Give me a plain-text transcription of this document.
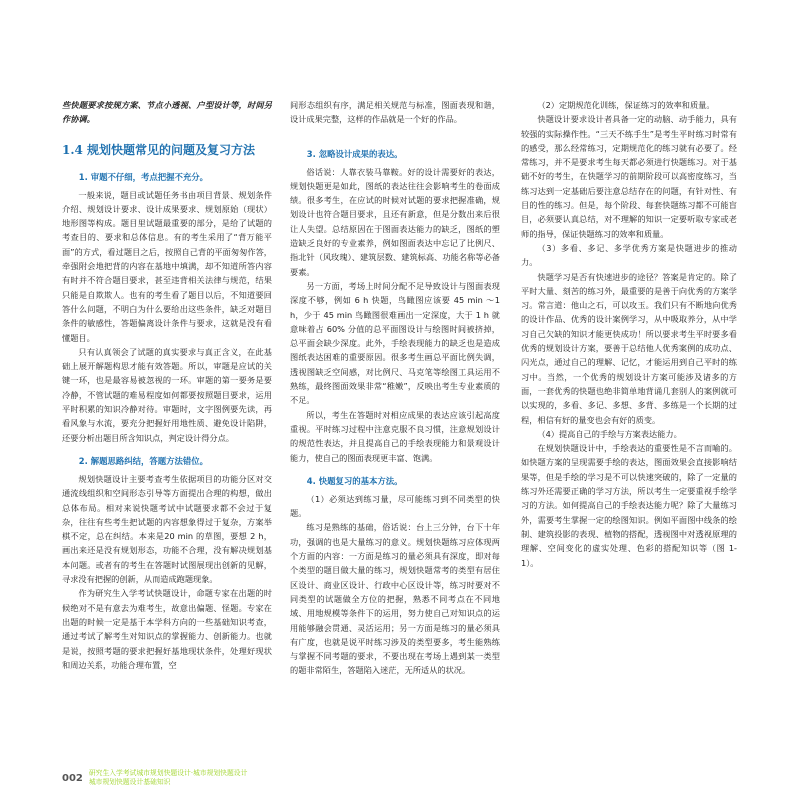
些快题要求按规方案、节点小透视、户型设计等，时间另作协调。

1.4 规划快题常见的问题及复习方法
1. 审题不仔细，考点把握不充分。

一般来说，题目或试题任务书由项目背景、规划条件介绍、规划设计要求、设计成果要求、规划原始（现状）地形图等构成。题目里试题最重要的部分，是给了试题的考查目的、要求和总体信息。有的考生采用了“背万能平面”的方式，看过题目之后，按照自己背的平面匆匆作答，牵强附会地把背的内容在基地中填满，却不知道所答内容有时并不符合题目要求，甚至违背相关法律与规范，结果只能是自欺欺人。也有的考生看了题目以后，不知道要回答什么问题，不明白为什么要给出这些条件，缺乏对题目条件的敏感性，答题偏离设计条件与要求，这就是没有看懂题目。

只有认真领会了试题的真实要求与真正含义，在此基础上展开解题构思才能有效答题。所以，审题是应试的关键一环，也是最容易被忽视的一环。审题的第一要务是要冷静，不管试题的难易程度如何都要按照题目要求，运用平时积累的知识冷静对待。审题时，文字图例要先读，再看风象与水流，要充分把握好用地性质、避免设计陷阱，还要分析出题目所含知识点，判定设计得分点。

2. 解题思路纠结，答题方法错位。

规划快题设计主要考查考生依据项目的功能分区对交通流线组织和空间形态引导等方面提出合理的构想，做出总体布局。相对来说快题考试中试题要求都不会过于复杂，往往有些考生把试题的内容想象得过于复杂，方案举棋不定，总在纠结。本来是20 min 的草图，要想 2 h，画出来还是没有规划形态，功能不合理，没有解决规划基本问题。或者有的考生在答题时试图展现出创新的见解，寻求没有把握的创新，从而造成跑题现象。

作为研究生入学考试快题设计，命题专家在出题的时候绝对不是有意去为难考生，故意出偏题、怪题。专家在出题的时候一定是基于本学科方向的一些基础知识考查，通过考试了解考生对知识点的掌握能力、创新能力。也就是说，按照考题的要求把握好基地现状条件，处理好现状和周边关系，功能合理布置，空

间形态组织有序，满足相关规范与标准，图面表现和谐，设计成果完整，这样的作品就是一个好的作品。

3. 忽略设计成果的表达。

俗话说：人靠衣装马靠鞍。好的设计需要好的表达，规划快题更是如此，图纸的表达往往会影响考生的卷面成绩。很多考生，在应试的时候对试题的要求把握准确，规划设计也符合题目要求，且还有新意，但是分数出来后很让人失望。总结原因在于图面表达能力的缺乏，图纸的塑造缺乏良好的专业素养，例如图面表达中忘记了比例尺、指北针（风玫瑰）、建筑层数、建筑标高、功能名称等必备要素。

另一方面，考场上时间分配不足导致设计与图面表现深度不够，例如 6 h 快题，鸟瞰图应该要 45 min ～1 h，少于 45 min 鸟瞰图很难画出一定深度，大于 1 h 就意味着占 60% 分值的总平面图设计与绘图时间被挤掉，总平面会缺少深度。此外，手绘表现能力的缺乏也是造成图纸表达困难的重要原因。很多考生画总平面比例失调，透视图缺乏空间感，对比例尺、马克笔等绘图工具运用不熟练，最终图面效果非常“稚嫩”，反映出考生专业素质的不足。

所以，考生在答题时对相应成果的表达应该引起高度重视。平时练习过程中注意克服不良习惯，注意规划设计的规范性表达，并且提高自己的手绘表现能力和景观设计能力，使自己的图面表现更丰富、饱满。

4. 快题复习的基本方法。

（1）必须达到练习量，尽可能练习到不同类型的快题。

练习是熟练的基础，俗话说：台上三分钟，台下十年功，强调的也是大量练习的意义。规划快题练习应体现两个方面的内容：一方面是练习的量必须具有深度，即对每个类型的题目做大量的练习，规划快题常考的类型有居住区设计、商业区设计、行政中心区设计等，练习时要对不同类型的试题做全方位的把握，熟悉不同考点在不同地域、用地规模等条件下的运用，努力使自己对知识点的运用能够融会贯通、灵活运用；另一方面是练习的量必须具有广度，也就是说平时练习涉及的类型要多，考生能熟练与掌握不同考题的要求，不要出现在考场上遇到某一类型的题非常陌生，答题陷入迷茫，无所适从的状况。

（2）定期规范化训练，保证练习的效率和质量。

快题设计要求设计者具备一定的动脑、动手能力，具有较强的实际操作性。“三天不练手生”是考生平时练习时常有的感受，那么经常练习，定期规范化的练习就有必要了。经常练习，并不是要求考生每天都必须进行快题练习。对于基础不好的考生，在快题学习的前期阶段可以高密度练习，当练习达到一定基础后要注意总结存在的问题，有针对性、有目的性的练习。但是，每个阶段、每套快题练习都不可能盲目，必须要认真总结，对不理解的知识一定要听取专家或老师的指导，保证快题练习的效率和质量。

（3）多看、多记、多学优秀方案是快题进步的推动力。

快题学习是否有快速进步的途径？答案是肯定的。除了平时大量、刻苦的练习外，最重要的是善于向优秀的方案学习。常言道：他山之石，可以攻玉。我们只有不断地向优秀的设计作品、优秀的设计案例学习，从中吸取养分，从中学习自己欠缺的知识才能更快成功！所以要求考生平时要多看优秀的规划设计方案，要善于总结他人优秀案例的成功点、闪光点，通过自己的理解、记忆，才能运用到自己平时的练习中。当然，一个优秀的规划设计方案可能涉及诸多的方面，一套优秀的快题也绝非简单地背诵几套别人的案例就可以实现的，多看、多记、多想、多背、多练是一个长期的过程，相信有好的量变也会有好的质变。

（4）提高自己的手绘与方案表达能力。

在规划快题设计中，手绘表达的重要性是不言而喻的。如快题方案的呈现需要手绘的表达，图面效果会直接影响结果等，但是手绘的学习是不可以快速突破的，除了一定量的练习外还需要正确的学习方法，所以考生一定要重视手绘学习的方法。如何提高自己的手绘表达能力呢？除了大量练习外，需要考生掌握一定的绘图知识。例如平面图中线条的绘制、建筑投影的表现、植物的搭配，透视图中对透视原理的理解、空间变化的虚实处理、色彩的搭配知识等（图 1-1）。

002 研究生入学考试城市规划快题设计·城市规划快题设计
城市规划快题设计基础知识
